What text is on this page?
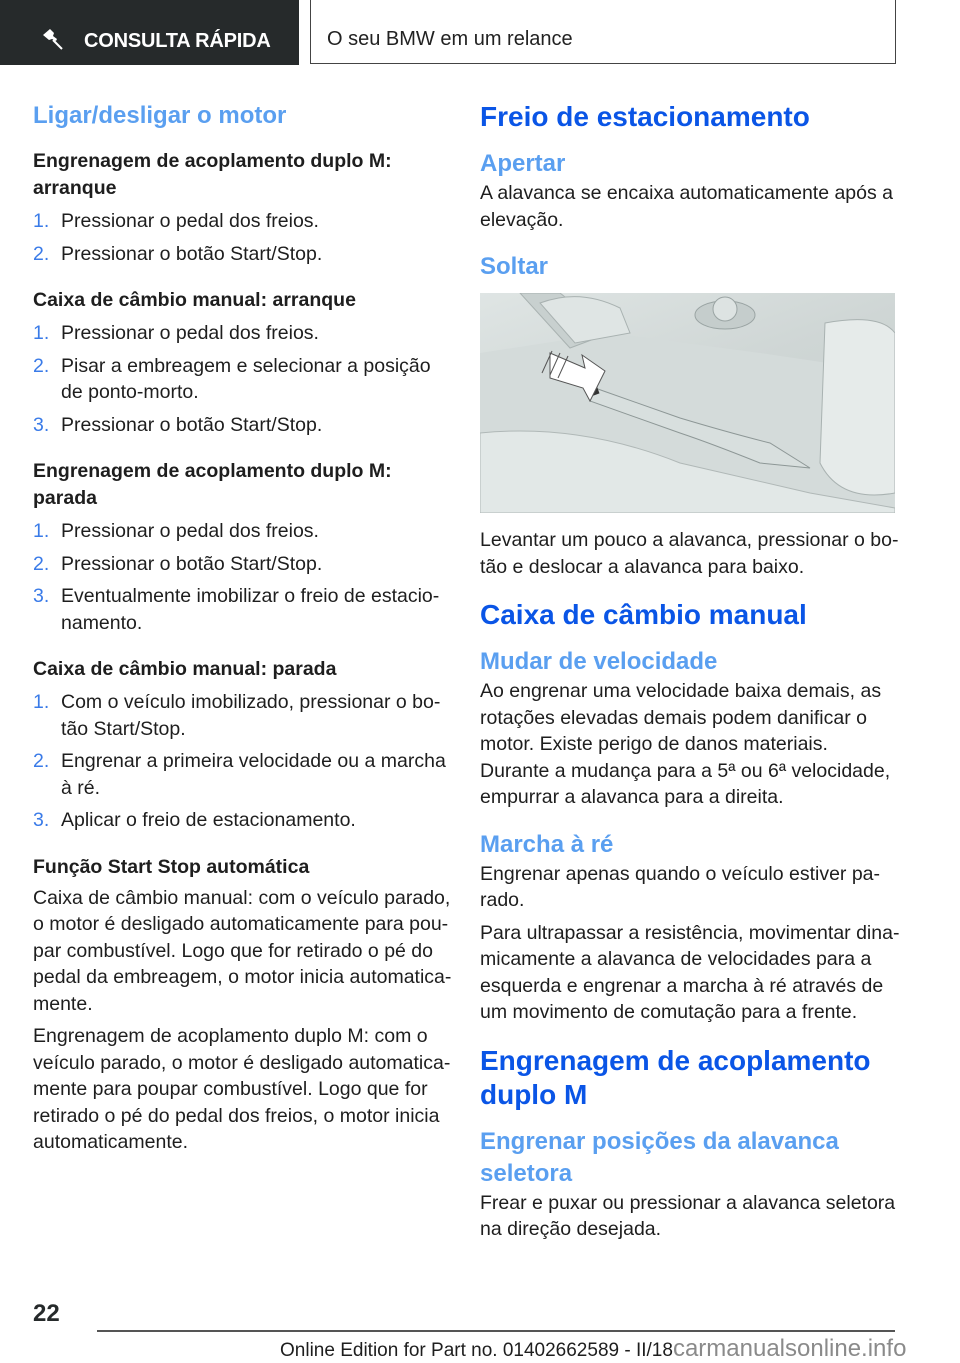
CONSULTA RÁPIDA	O seu BMW em um relance
Ligar/desligar o motor
Engrenagem de acoplamento duplo M: arranque
1. Pressionar o pedal dos freios.
2. Pressionar o botão Start/Stop.
Caixa de câmbio manual: arranque
1. Pressionar o pedal dos freios.
2. Pisar a embreagem e selecionar a posição de ponto-morto.
3. Pressionar o botão Start/Stop.
Engrenagem de acoplamento duplo M: parada
1. Pressionar o pedal dos freios.
2. Pressionar o botão Start/Stop.
3. Eventualmente imobilizar o freio de estacionamento.
Caixa de câmbio manual: parada
1. Com o veículo imobilizado, pressionar o botão Start/Stop.
2. Engrenar a primeira velocidade ou a marcha à ré.
3. Aplicar o freio de estacionamento.
Função Start Stop automática

Caixa de câmbio manual: com o veículo parado, o motor é desligado automaticamente para poupar combustível. Logo que for retirado o pé do pedal da embreagem, o motor inicia automaticamente.

Engrenagem de acoplamento duplo M: com o veículo parado, o motor é desligado automaticamente para poupar combustível. Logo que for retirado o pé do pedal dos freios, o motor inicia automaticamente.

Freio de estacionamento
Apertar

A alavanca se encaixa automaticamente após a elevação.

Soltar

Levantar um pouco a alavanca, pressionar o botão e deslocar a alavanca para baixo.

Caixa de câmbio manual
Mudar de velocidade

Ao engrenar uma velocidade baixa demais, as rotações elevadas demais podem danificar o motor. Existe perigo de danos materiais. Durante a mudança para a 5ª ou 6ª velocidade, empurrar a alavanca para a direita.

Marcha à ré

Engrenar apenas quando o veículo estiver parado.

Para ultrapassar a resistência, movimentar dinamicamente a alavanca de velocidades para a esquerda e engrenar a marcha à ré através de um movimento de comutação para a frente.

Engrenagem de acoplamento duplo M
Engrenar posições da alavanca seletora

Frear e puxar ou pressionar a alavanca seletora na direção desejada.

22
Online Edition for Part no. 01402662589 - II/18carmanualsonline.info
